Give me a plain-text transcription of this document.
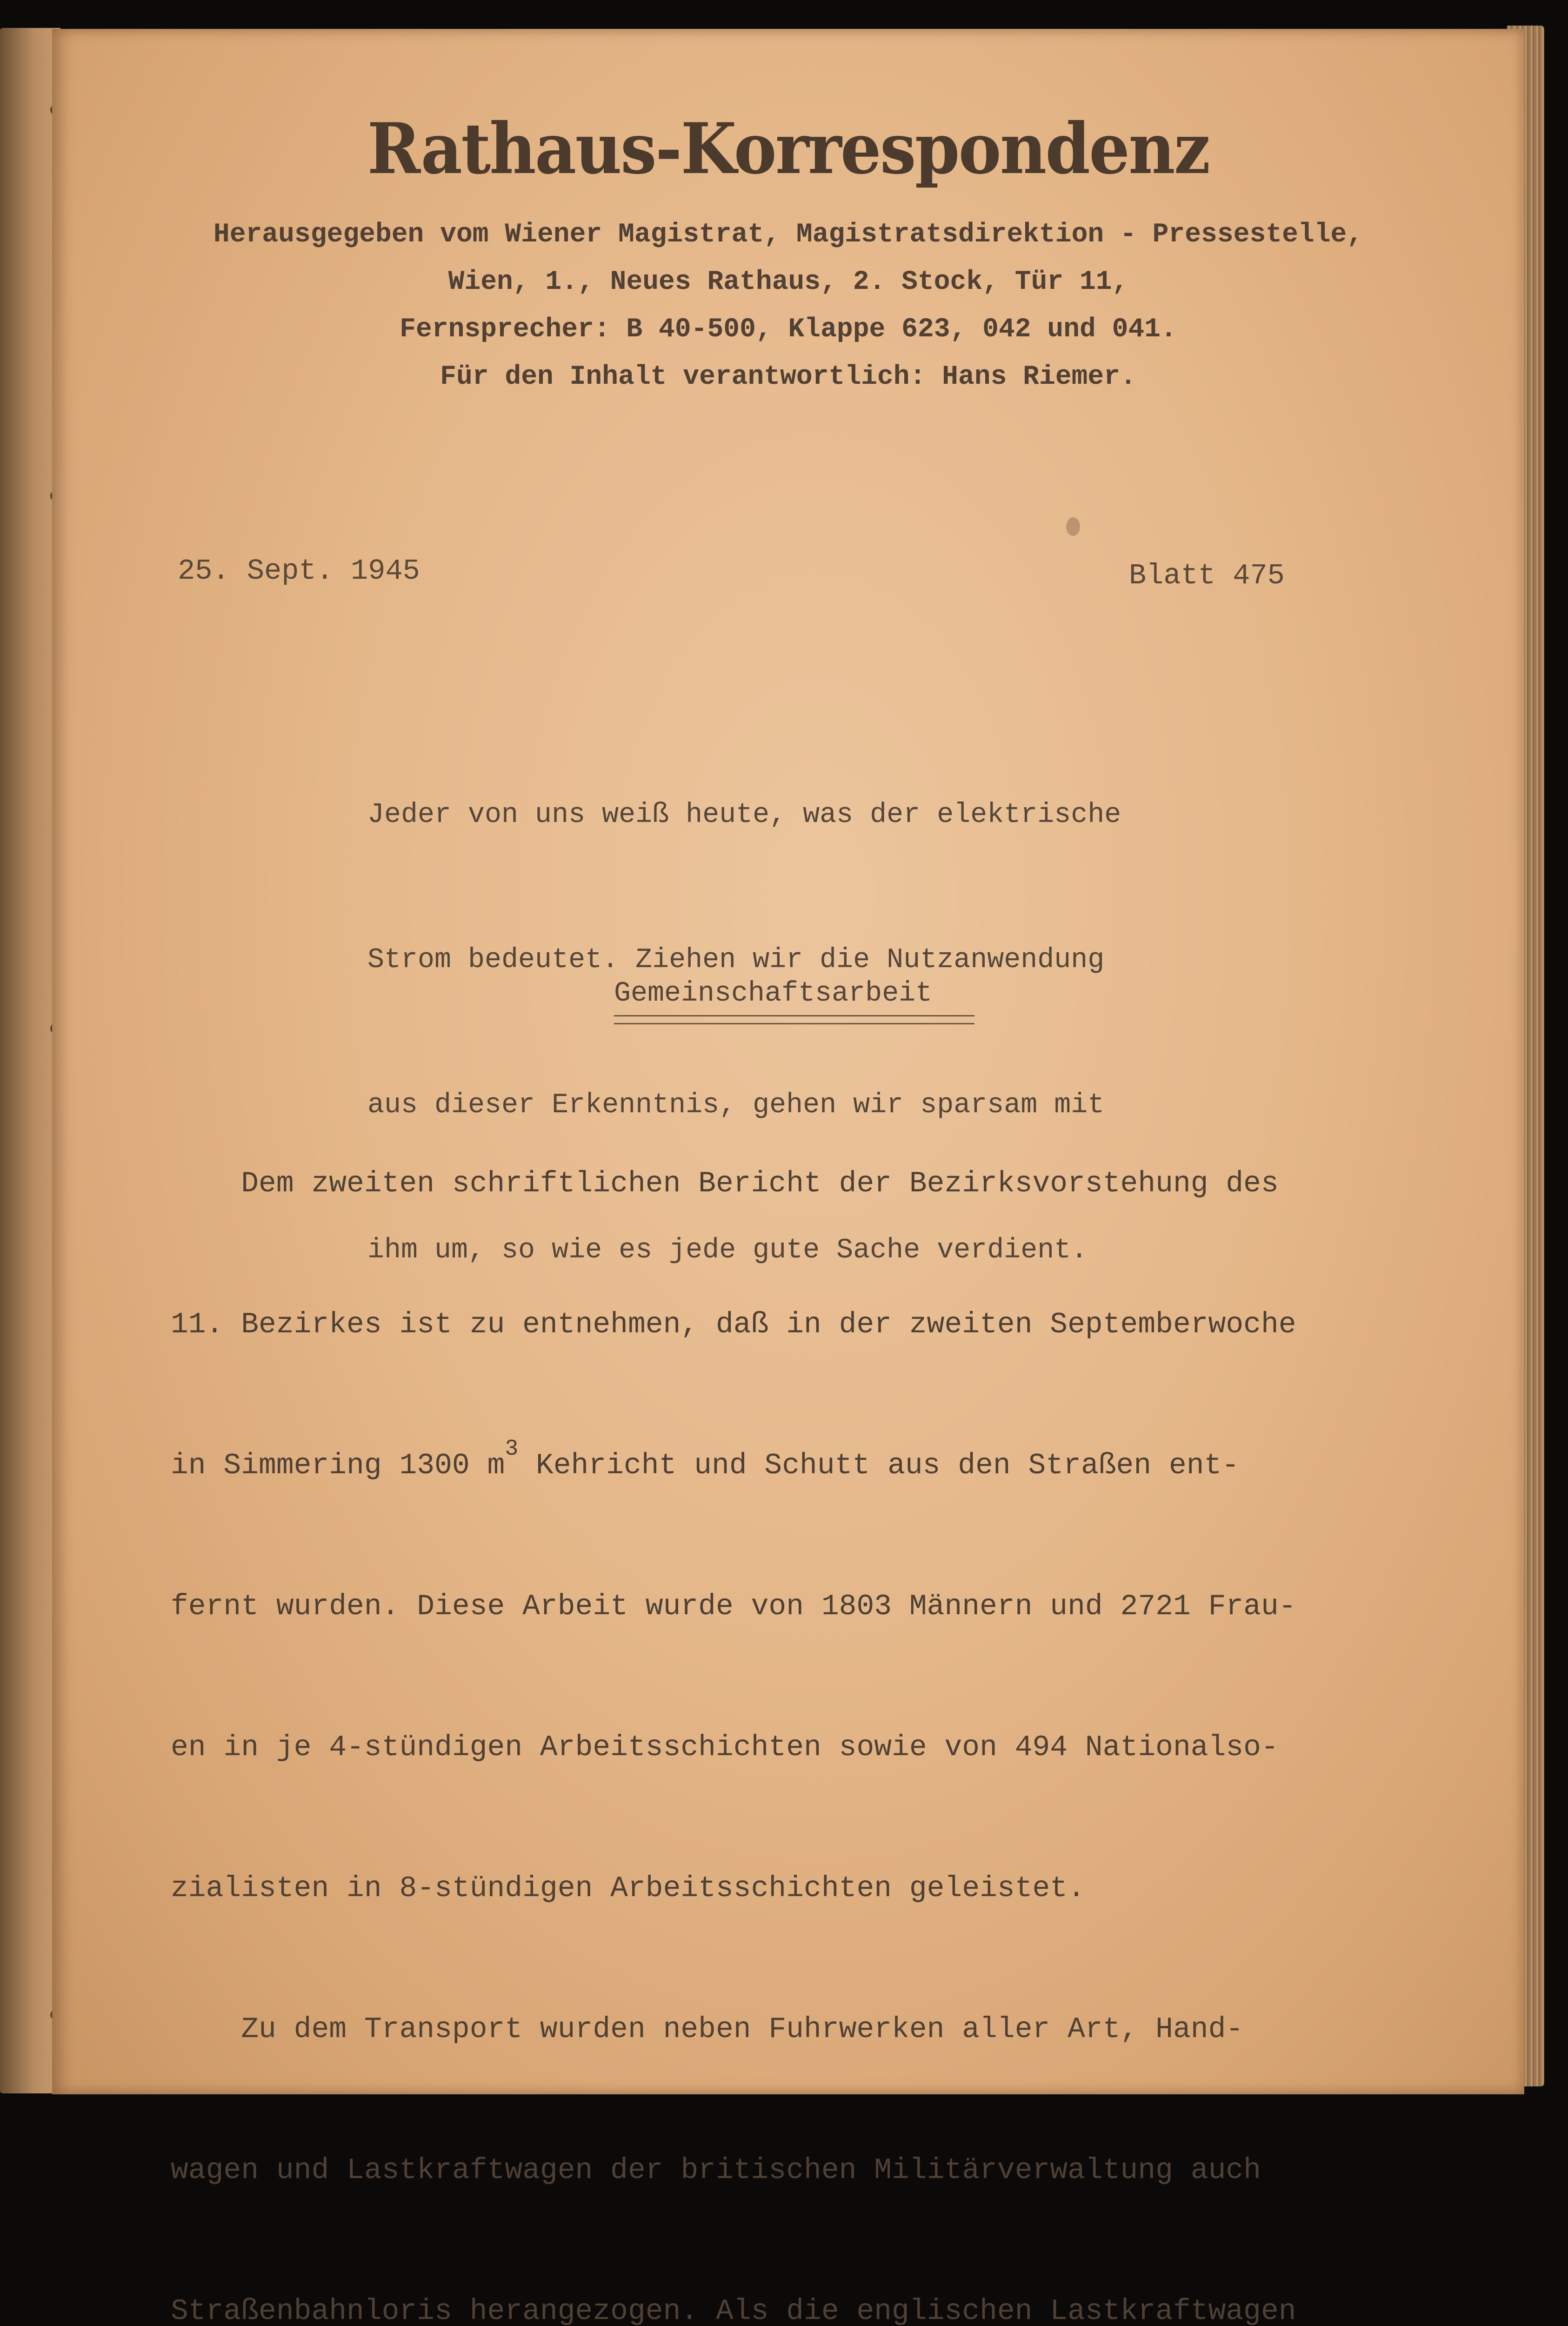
Rathaus-Korrespondenz
Herausgegeben vom Wiener Magistrat, Magistratsdirektion - Pressestelle,
Wien, 1., Neues Rathaus, 2. Stock, Tür 11,
Fernsprecher: B 40-500, Klappe 623, 042 und 041.
Für den Inhalt verantwortlich: Hans Riemer.
25. Sept. 1945	Blatt 475

Jeder von uns weiß heute, was der elektrische

Strom bedeutet. Ziehen wir die Nutzanwendung

aus dieser Erkenntnis, gehen wir sparsam mit

ihm um, so wie es jede gute Sache verdient.

Gemeinschaftsarbeit

Dem zweiten schriftlichen Bericht der Bezirksvorstehung des

11. Bezirkes ist zu entnehmen, daß in der zweiten Septemberwoche

in Simmering 1300 $m^3$ Kehricht und Schutt aus den Straßen ent-

fernt wurden. Diese Arbeit wurde von 1803 Männern und 2721 Frau-

en in je 4-stündigen Arbeitsschichten sowie von 494 Nationalso-

zialisten in 8-stündigen Arbeitsschichten geleistet.

Zu dem Transport wurden neben Fuhrwerken aller Art, Hand-

wagen und Lastkraftwagen der britischen Militärverwaltung auch

Straßenbahnloris herangezogen. Als die englischen Lastkraftwagen
